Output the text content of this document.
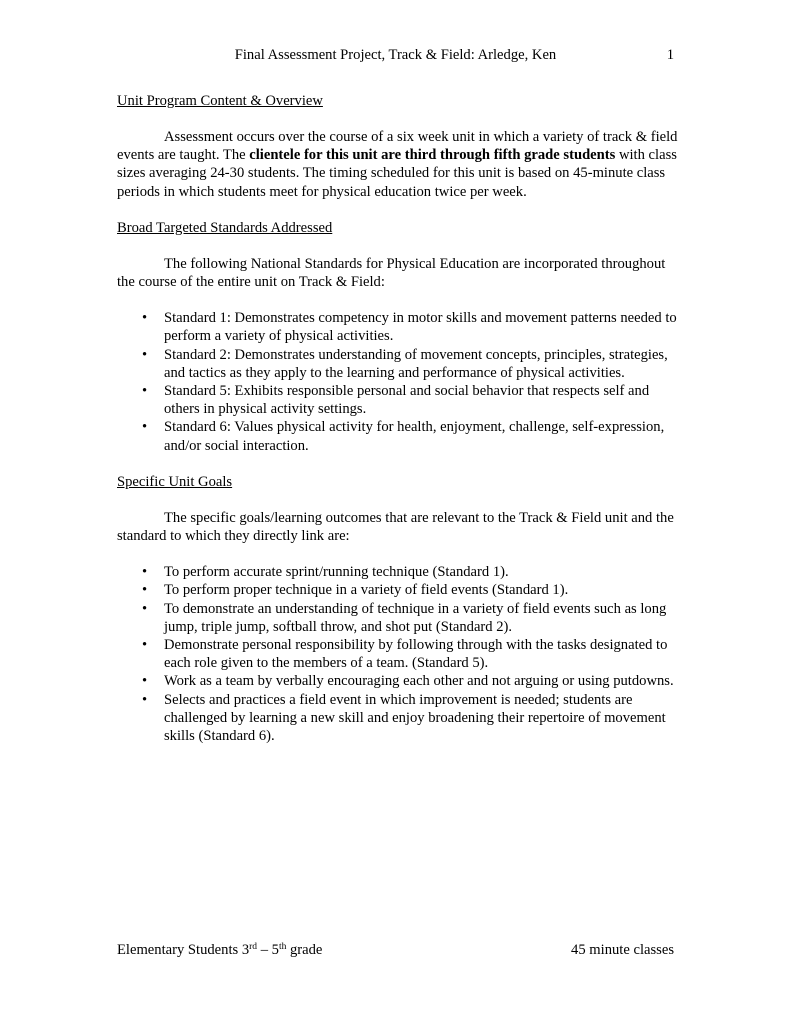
Final Assessment Project, Track & Field: Arledge, Ken	1
Unit Program Content & Overview

Assessment occurs over the course of a six week unit in which a variety of track & field events are taught. The clientele for this unit are third through fifth grade students with class sizes averaging 24-30 students. The timing scheduled for this unit is based on 45-minute class periods in which students meet for physical education twice per week.

Broad Targeted Standards Addressed

The following National Standards for Physical Education are incorporated throughout the course of the entire unit on Track & Field:

• Standard 1: Demonstrates competency in motor skills and movement patterns needed to perform a variety of physical activities.
• Standard 2: Demonstrates understanding of movement concepts, principles, strategies, and tactics as they apply to the learning and performance of physical activities.
• Standard 5: Exhibits responsible personal and social behavior that respects self and others in physical activity settings.
• Standard 6: Values physical activity for health, enjoyment, challenge, self-expression, and/or social interaction.
Specific Unit Goals

The specific goals/learning outcomes that are relevant to the Track & Field unit and the standard to which they directly link are:

• To perform accurate sprint/running technique (Standard 1).
• To perform proper technique in a variety of field events (Standard 1).
• To demonstrate an understanding of technique in a variety of field events such as long jump, triple jump, softball throw, and shot put (Standard 2).
• Demonstrate personal responsibility by following through with the tasks designated to each role given to the members of a team. (Standard 5).
• Work as a team by verbally encouraging each other and not arguing or using putdowns.
• Selects and practices a field event in which improvement is needed; students are challenged by learning a new skill and enjoy broadening their repertoire of movement skills (Standard 6).
Elementary Students 3rd – 5th grade	45 minute classes
